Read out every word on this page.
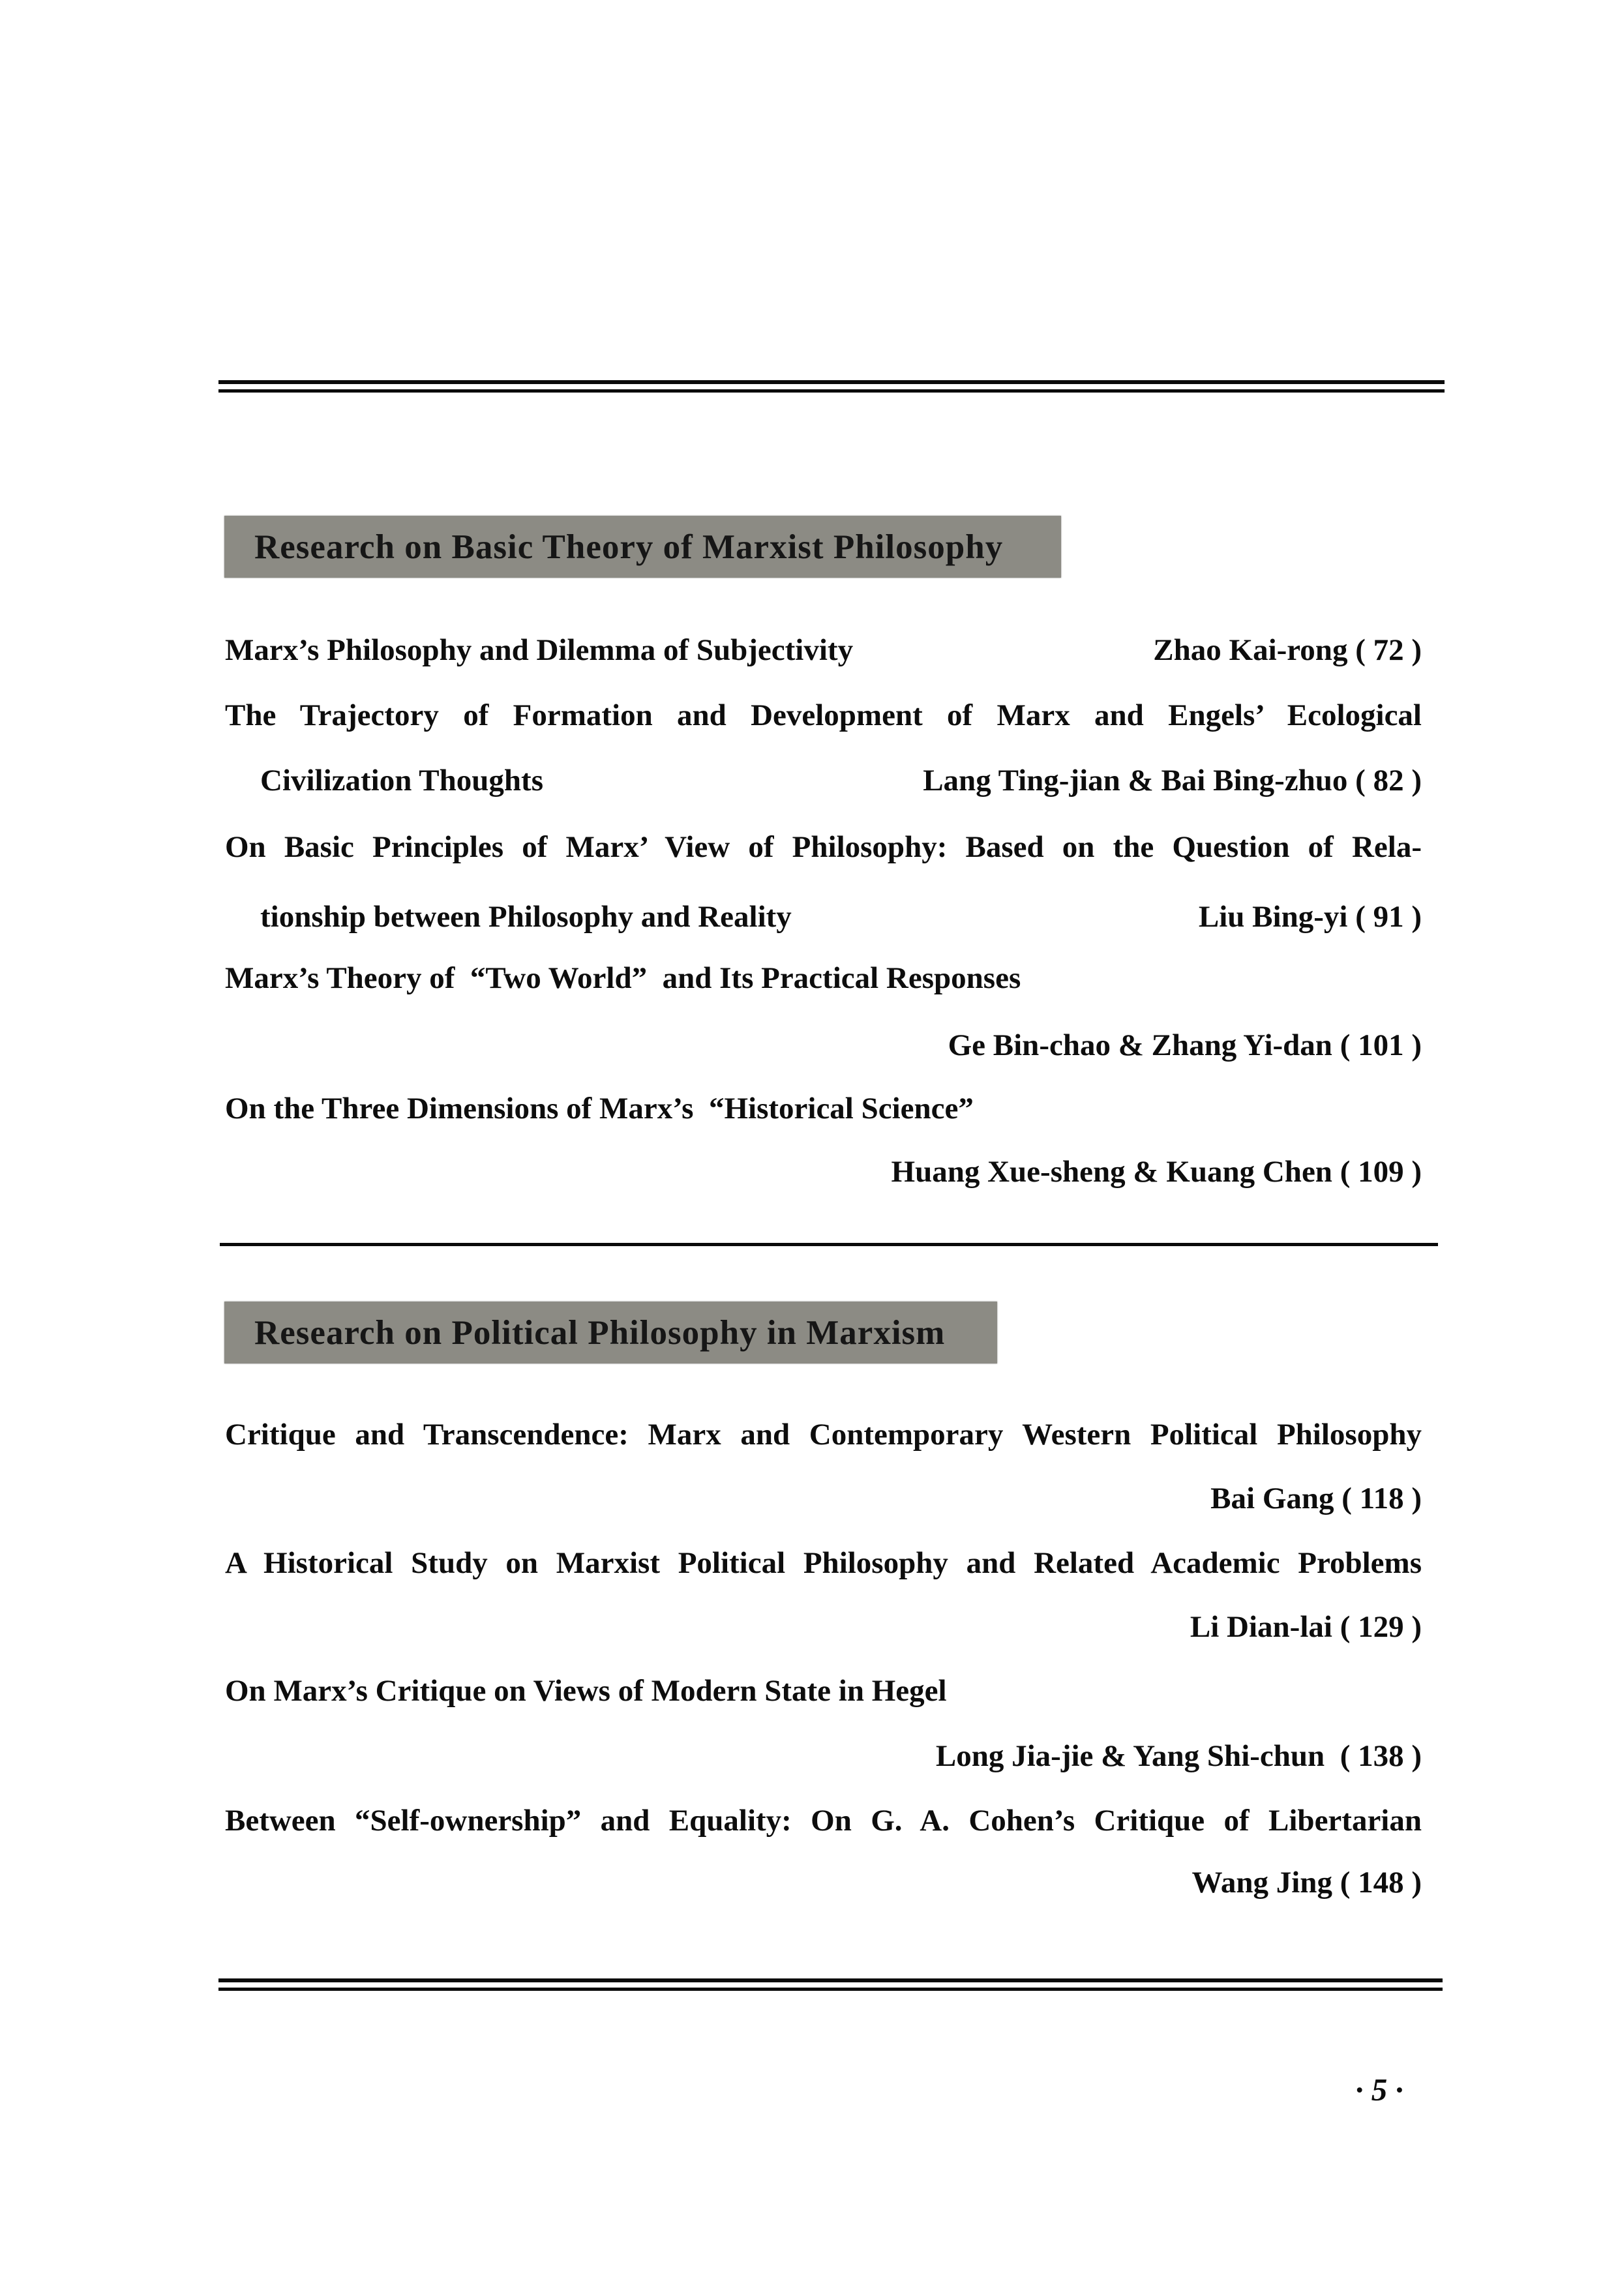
Research on Basic Theory of Marxist Philosophy
Marx’s Philosophy and Dilemma of Subjectivity	Zhao Kai-rong ( 72 )
The Trajectory of Formation and Development of Marx and Engels’ Ecological
Civilization Thoughts	Lang Ting-jian & Bai Bing-zhuo ( 82 )
On Basic Principles of Marx’ View of Philosophy: Based on the Question of Rela-
tionship between Philosophy and Reality	Liu Bing-yi ( 91 )
Marx’s Theory of  “Two World”  and Its Practical Responses
Ge Bin-chao & Zhang Yi-dan ( 101 )
On the Three Dimensions of Marx’s  “Historical Science”
Huang Xue-sheng & Kuang Chen ( 109 )
Research on Political Philosophy in Marxism
Critique and Transcendence: Marx and Contemporary Western Political Philosophy
Bai Gang ( 118 )
A Historical Study on Marxist Political Philosophy and Related Academic Problems
Li Dian-lai ( 129 )
On Marx’s Critique on Views of Modern State in Hegel
Long Jia-jie & Yang Shi-chun  ( 138 )
Between “Self-ownership” and Equality: On G. A. Cohen’s Critique of Libertarian
Wang Jing ( 148 )
· 5 ·
